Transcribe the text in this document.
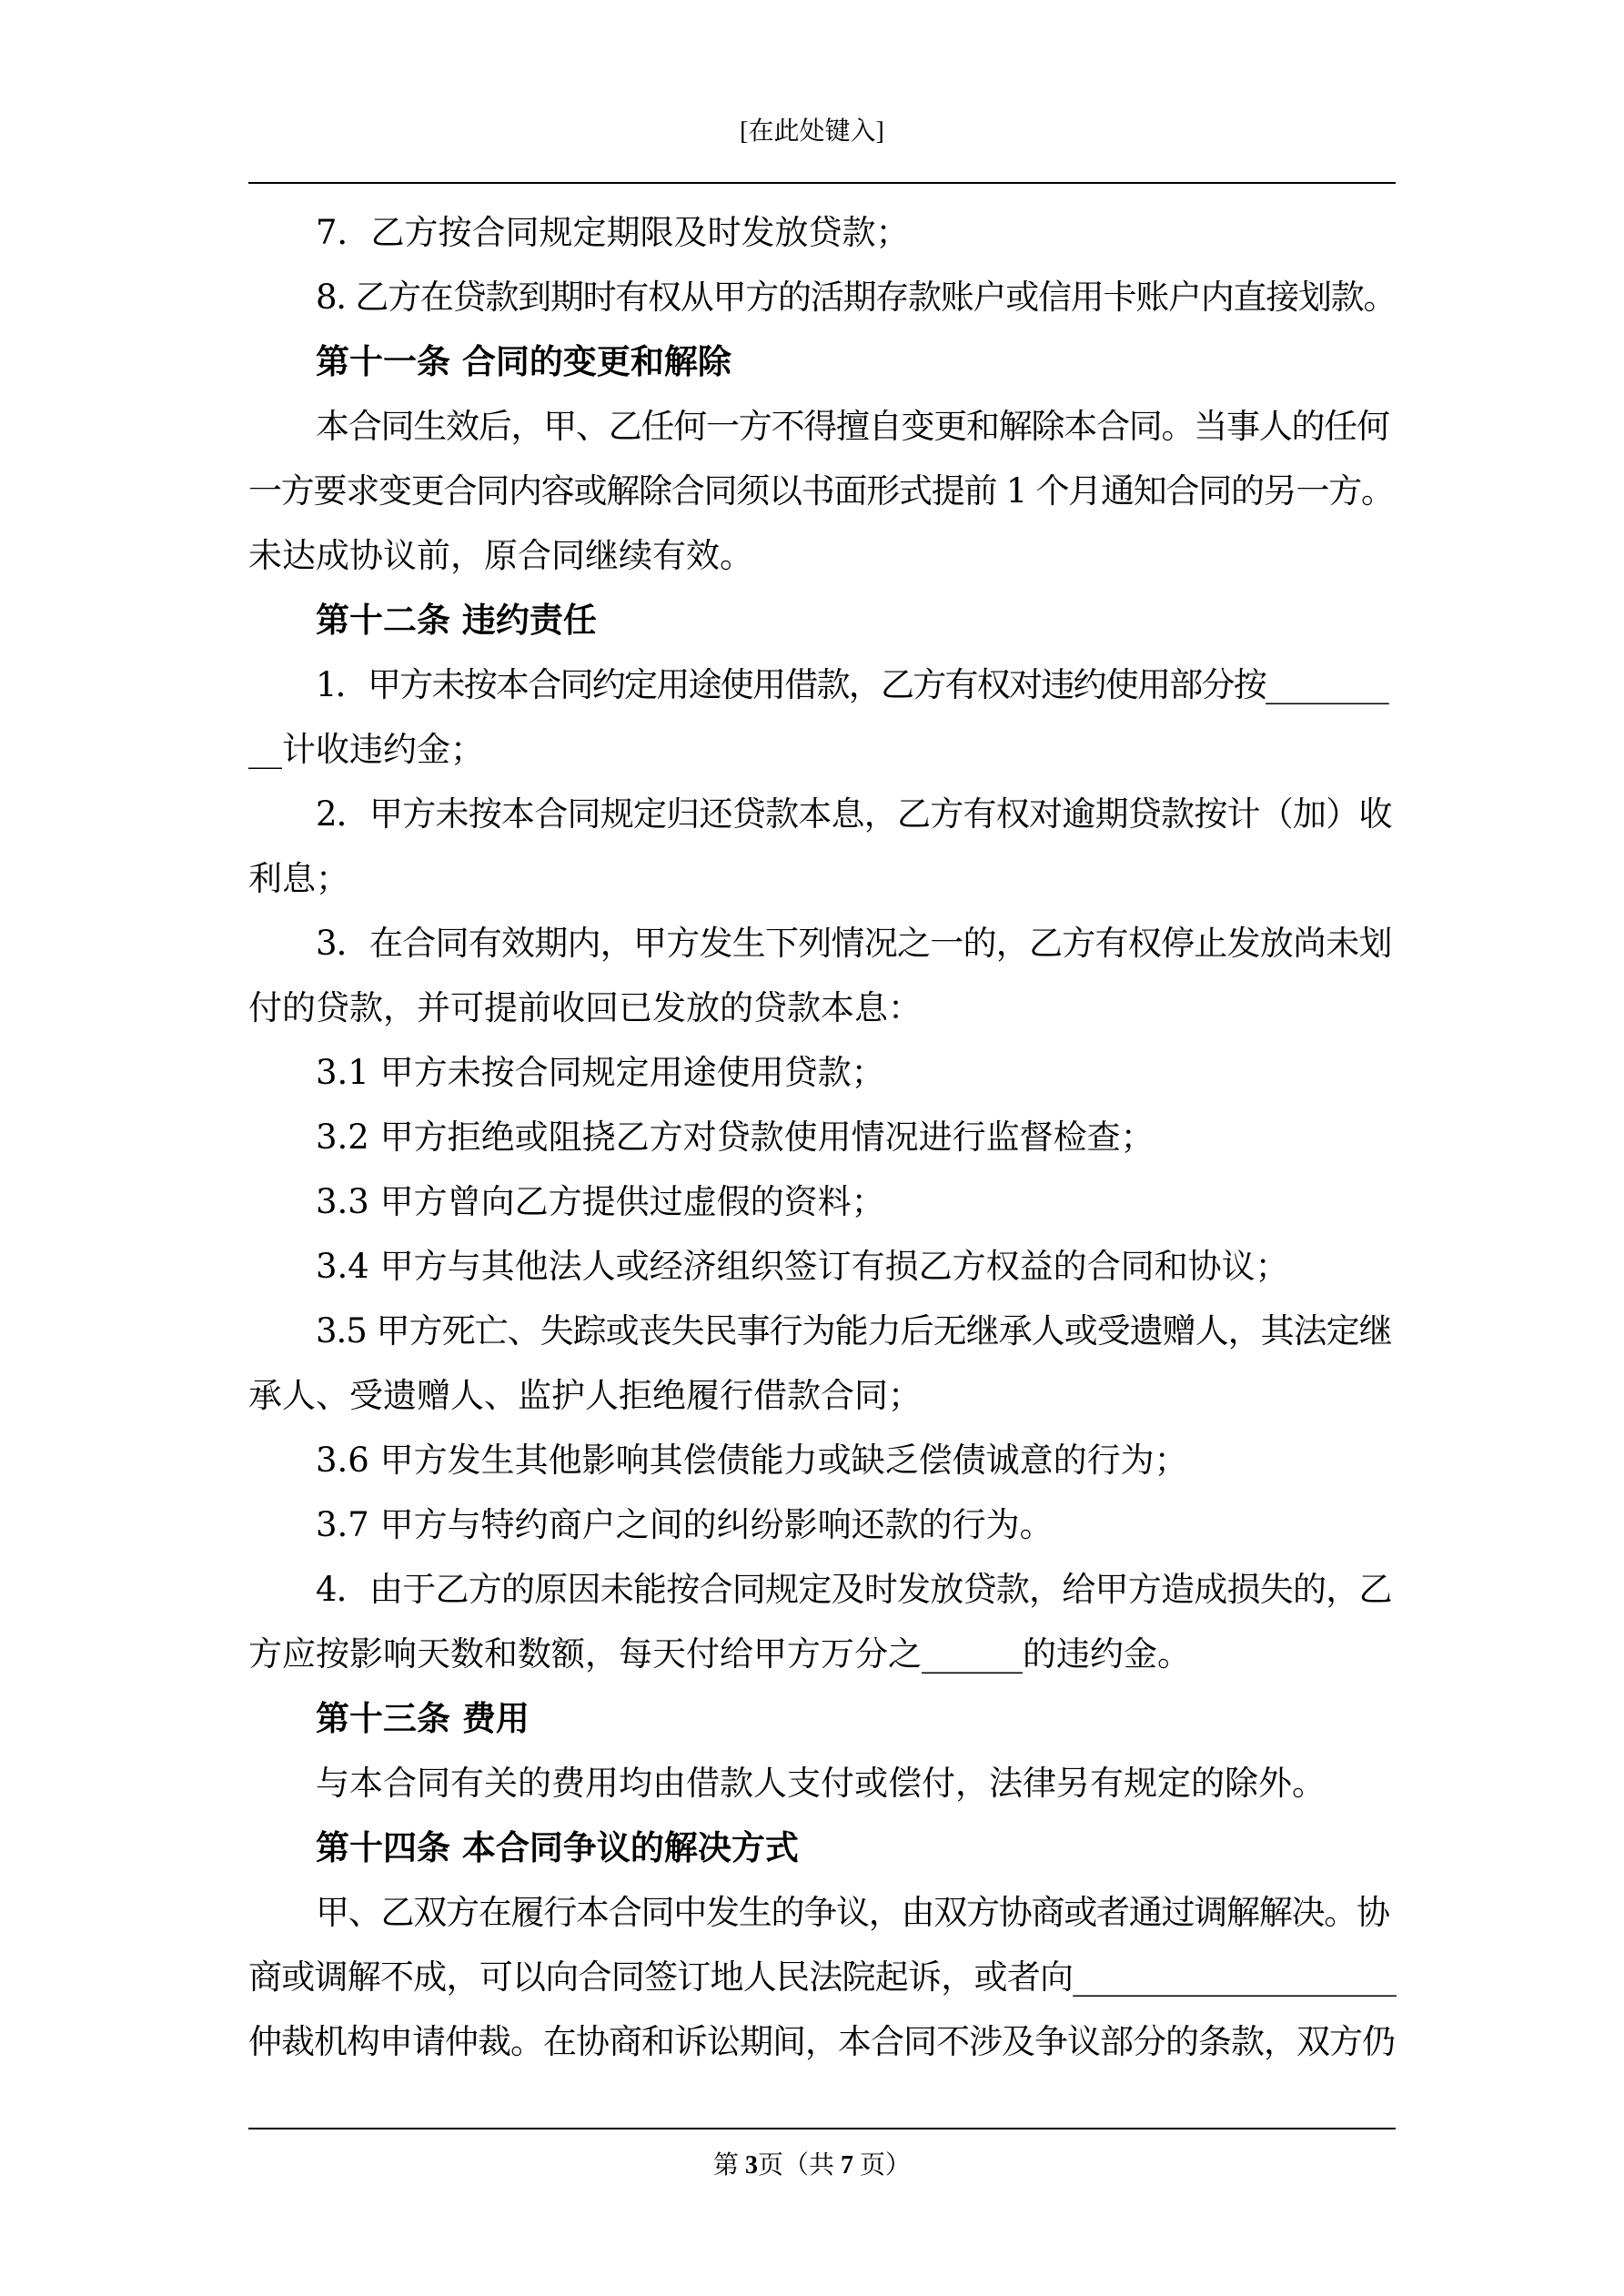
[在此处键入]
7．乙方按合同规定期限及时发放贷款；
8. 乙方在贷款到期时有权从甲方的活期存款账户或信用卡账户内直接划款。
第十一条 合同的变更和解除
本合同生效后，甲、乙任何一方不得擅自变更和解除本合同。当事人的任何
一方要求变更合同内容或解除合同须以书面形式提前 1 个月通知合同的另一方。
未达成协议前，原合同继续有效。
第十二条 违约责任
1．甲方未按本合同约定用途使用借款，乙方有权对违约使用部分按________
__计收违约金；
2．甲方未按本合同规定归还贷款本息，乙方有权对逾期贷款按计（加）收
利息；
3．在合同有效期内，甲方发生下列情况之一的，乙方有权停止发放尚未划
付的贷款，并可提前收回已发放的贷款本息：
3.1 甲方未按合同规定用途使用贷款；
3.2 甲方拒绝或阻挠乙方对贷款使用情况进行监督检查；
3.3 甲方曾向乙方提供过虚假的资料；
3.4 甲方与其他法人或经济组织签订有损乙方权益的合同和协议；
3.5 甲方死亡、失踪或丧失民事行为能力后无继承人或受遗赠人，其法定继
承人、受遗赠人、监护人拒绝履行借款合同；
3.6 甲方发生其他影响其偿债能力或缺乏偿债诚意的行为；
3.7 甲方与特约商户之间的纠纷影响还款的行为。
4．由于乙方的原因未能按合同规定及时发放贷款，给甲方造成损失的，乙
方应按影响天数和数额，每天付给甲方万分之______的违约金。
第十三条 费用
与本合同有关的费用均由借款人支付或偿付，法律另有规定的除外。
第十四条 本合同争议的解决方式
甲、乙双方在履行本合同中发生的争议，由双方协商或者通过调解解决。协
商或调解不成，可以向合同签订地人民法院起诉，或者向____________________
仲裁机构申请仲裁。在协商和诉讼期间，本合同不涉及争议部分的条款，双方仍
第 3页（共 7 页）
